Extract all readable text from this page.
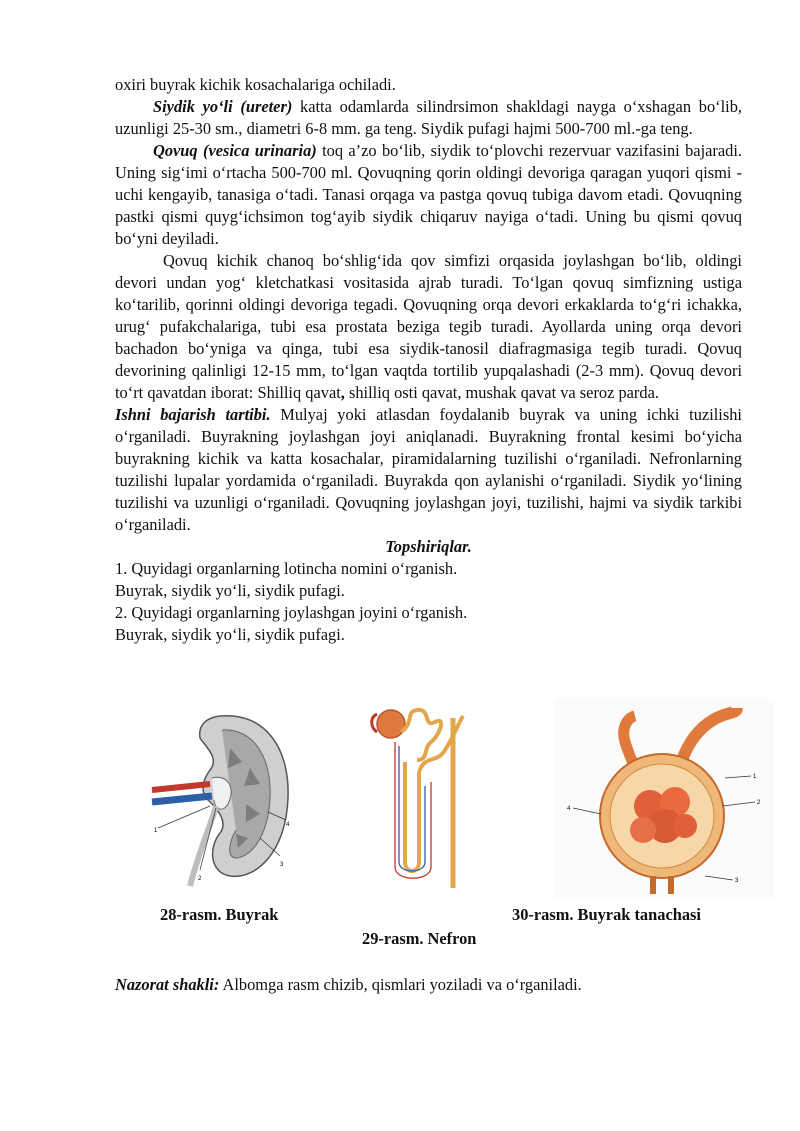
oxiri buyrak kichik kosachalariga ochiladi.

Siydik yo‘li (ureter) katta odamlarda silindrsimon shakldagi nayga o‘xshagan bo‘lib, uzunligi 25-30 sm., diametri 6-8 mm. ga teng. Siydik pufagi hajmi 500-700 ml.-ga teng.

Qovuq (vesica urinaria) toq a’zo bo‘lib, siydik to‘plovchi rezervuar vazifasini bajaradi. Uning sig‘imi o‘rtacha 500-700 ml. Qovuqning qorin oldingi devoriga qaragan yuqori qismi -uchi kengayib, tanasiga o‘tadi. Tanasi orqaga va pastga qovuq tubiga davom etadi. Qovuqning pastki qismi quyg‘ichsimon tog‘ayib siydik chiqaruv nayiga o‘tadi. Uning bu qismi qovuq bo‘yni deyiladi.

Qovuq kichik chanoq bo‘shlig‘ida qov simfizi orqasida joylashgan bo‘lib, oldingi devori undan yog‘ kletchatkasi vositasida ajrab turadi. To‘lgan qovuq simfizning ustiga ko‘tarilib, qorinni oldingi devoriga tegadi. Qovuqning orqa devori erkaklarda to‘g‘ri ichakka, urug‘ pufakchalariga, tubi esa prostata beziga tegib turadi. Ayollarda uning orqa devori bachadon bo‘yniga va qinga, tubi esa siydik-tanosil diafragmasiga tegib turadi. Qovuq devorining qalinligi 12-15 mm, to‘lgan vaqtda tortilib yupqalashadi (2-3 mm). Qovuq devori to‘rt qavatdan iborat: Shilliq qavat, shilliq osti qavat, mushak qavat va seroz parda.

Ishni bajarish tartibi. Mulyaj yoki atlasdan foydalanib buyrak va uning ichki tuzilishi o‘rganiladi. Buyrakning joylashgan joyi aniqlanadi. Buyrakning frontal kesimi bo‘yicha buyrakning kichik va katta kosachalar, piramidalarning tuzilishi o‘rganiladi. Nefronlarning tuzilishi lupalar yordamida o‘rganiladi. Buyrakda qon aylanishi o‘rganiladi. Siydik yo‘lining tuzilishi va uzunligi o‘rganiladi. Qovuqning joylashgan joyi, tuzilishi, hajmi va siydik tarkibi o‘rganiladi.

Topshiriqlar.

1. Quyidagi organlarning lotincha nomini o‘rganish.

Buyrak, siydik yo‘li, siydik pufagi.

2. Quyidagi organlarning joylashgan joyini o‘rganish.

Buyrak, siydik yo‘li, siydik pufagi.

1
2
3
4
1
2
3
4
28-rasm. Buyrak
29-rasm. Nefron
30-rasm. Buyrak tanachasi

Nazorat shakli: Albomga rasm chizib, qismlari yoziladi va o‘rganiladi.
